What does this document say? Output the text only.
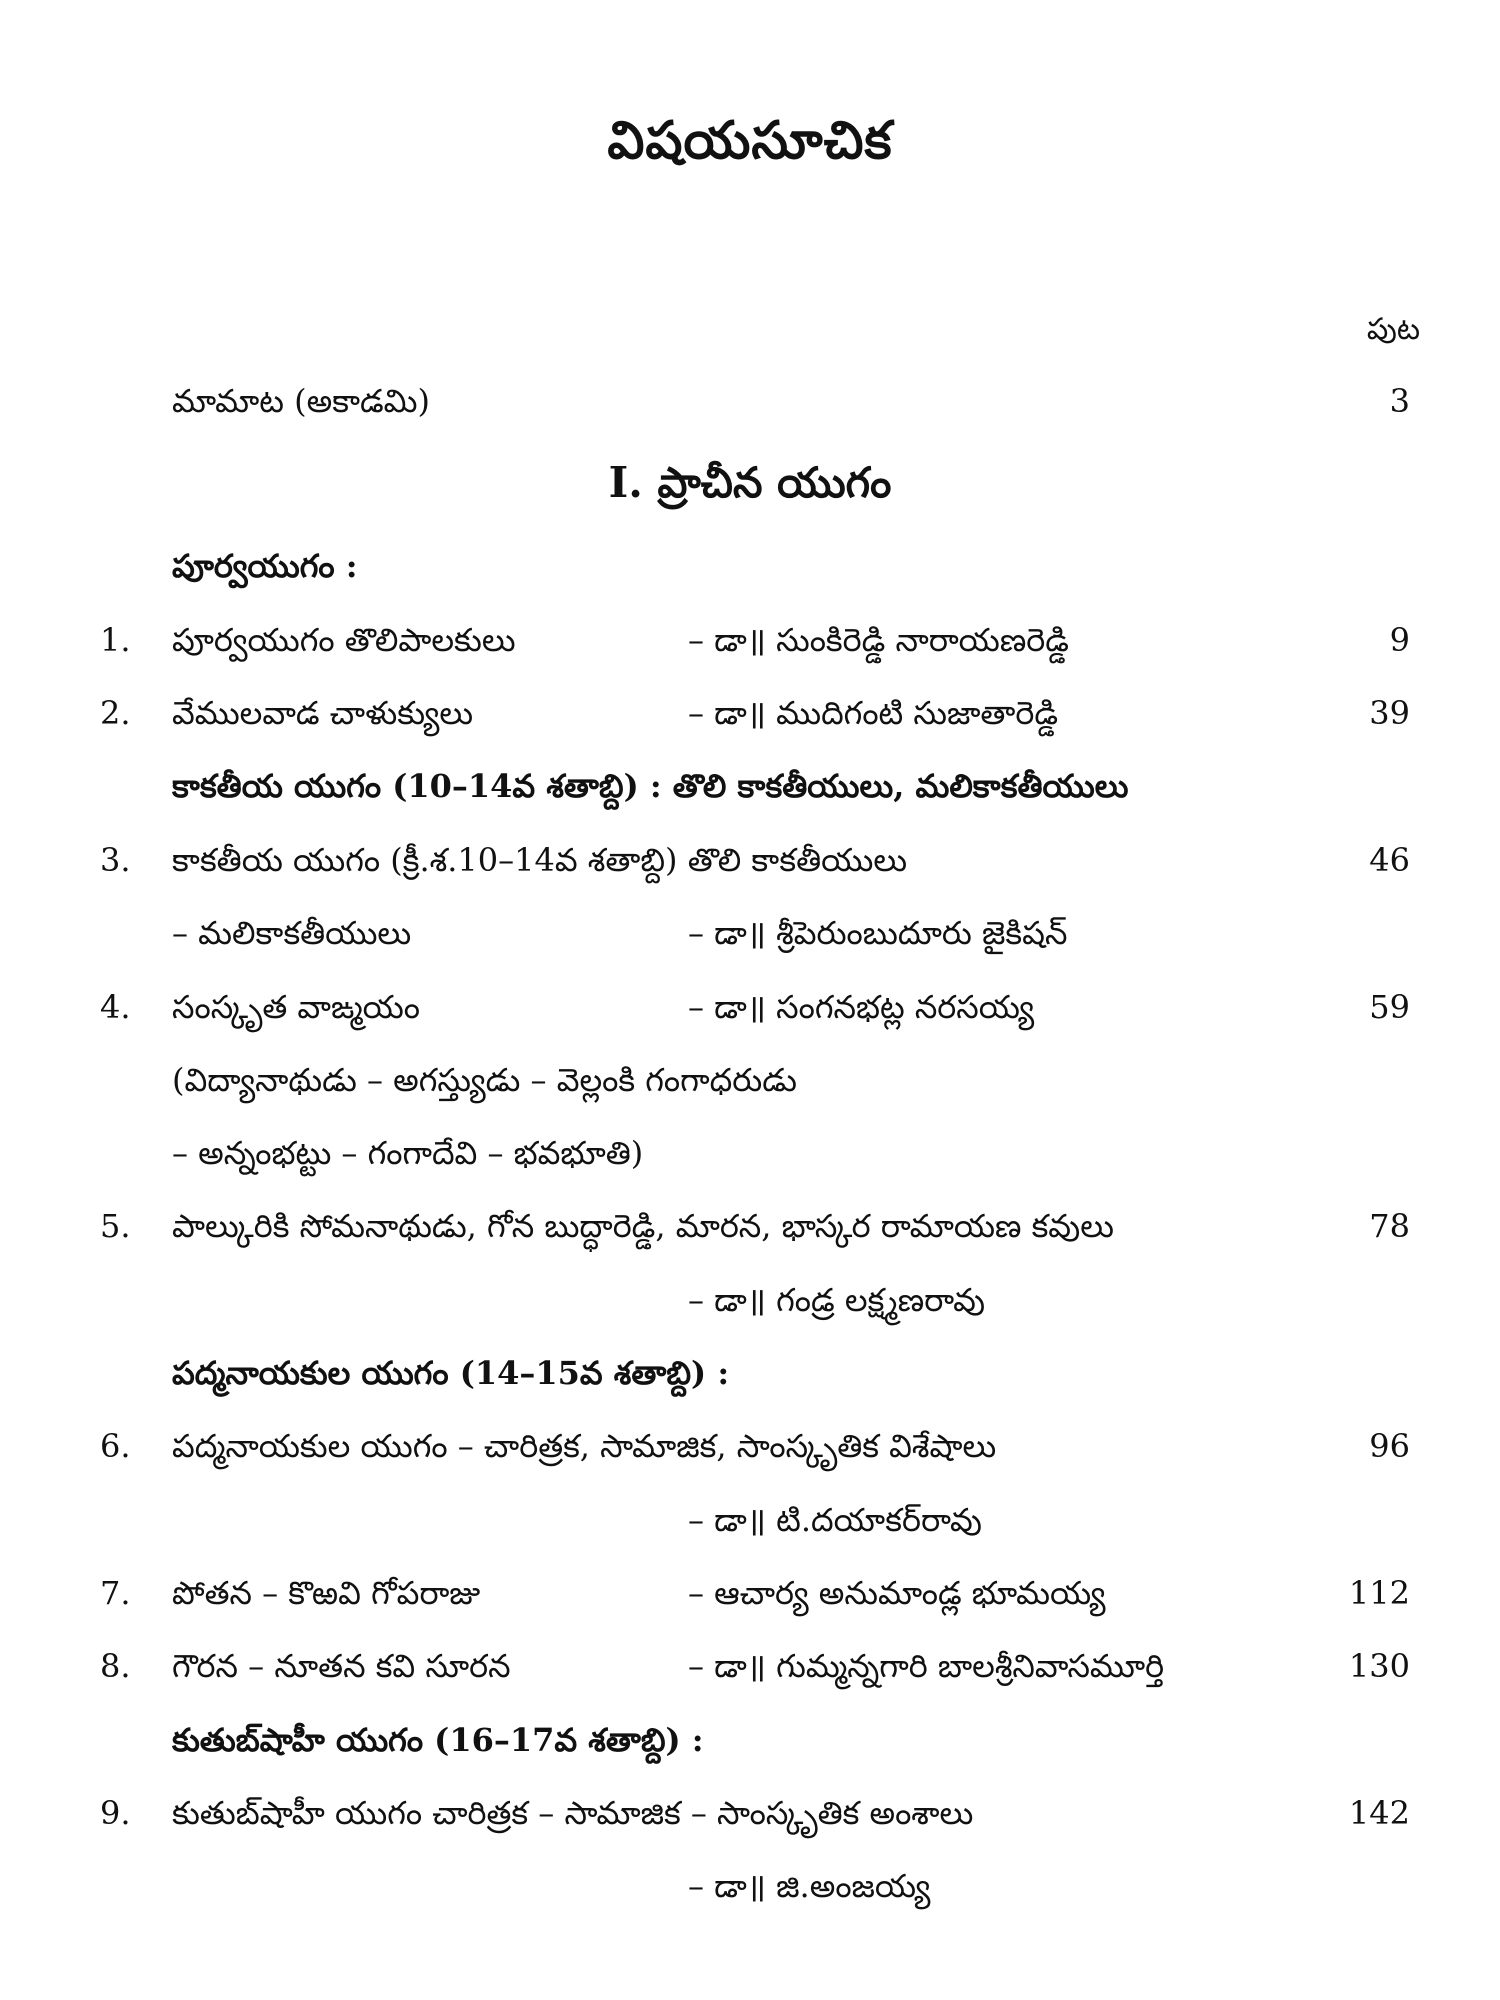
విషయసూచిక
పుట
మామాట (అకాడమి)	3
I. ప్రాచీన యుగం
పూర్వయుగం :
1.	పూర్వయుగం తొలిపాలకులు	– డా॥ సుంకిరెడ్డి నారాయణరెడ్డి	9
2.	వేములవాడ చాళుక్యులు	– డా॥ ముదిగంటి సుజాతారెడ్డి	39
కాకతీయ యుగం (10–14వ శతాబ్ది) : తొలి కాకతీయులు, మలికాకతీయులు
3.	కాకతీయ యుగం (క్రీ.శ.10–14వ శతాబ్ది) తొలి కాకతీయులు	46
– మలికాకతీయులు	– డా॥ శ్రీపెరుంబుదూరు జైకిషన్
4.	సంస్కృత వాఙ్మయం	– డా॥ సంగనభట్ల నరసయ్య	59
(విద్యానాథుడు – అగస్త్యుడు – వెల్లంకి గంగాధరుడు
– అన్నంభట్టు – గంగాదేవి – భవభూతి)
5.	పాల్కురికి సోమనాథుడు, గోన బుద్ధారెడ్డి, మారన, భాస్కర రామాయణ కవులు	78
– డా॥ గండ్ర లక్ష్మణరావు
పద్మనాయకుల యుగం (14–15వ శతాబ్ది) :
6.	పద్మనాయకుల యుగం – చారిత్రక, సామాజిక, సాంస్కృతిక విశేషాలు	96
– డా॥ టి.దయాకర్‌రావు
7.	పోతన – కొఱవి గోపరాజు	– ఆచార్య అనుమాండ్ల భూమయ్య	112
8.	గౌరన – నూతన కవి సూరన	– డా॥ గుమ్మన్నగారి బాలశ్రీనివాసమూర్తి	130
కుతుబ్‌షాహీ యుగం (16–17వ శతాబ్ది) :
9.	కుతుబ్‌షాహీ యుగం చారిత్రక – సామాజిక – సాంస్కృతిక అంశాలు	142
– డా॥ జి.అంజయ్య
